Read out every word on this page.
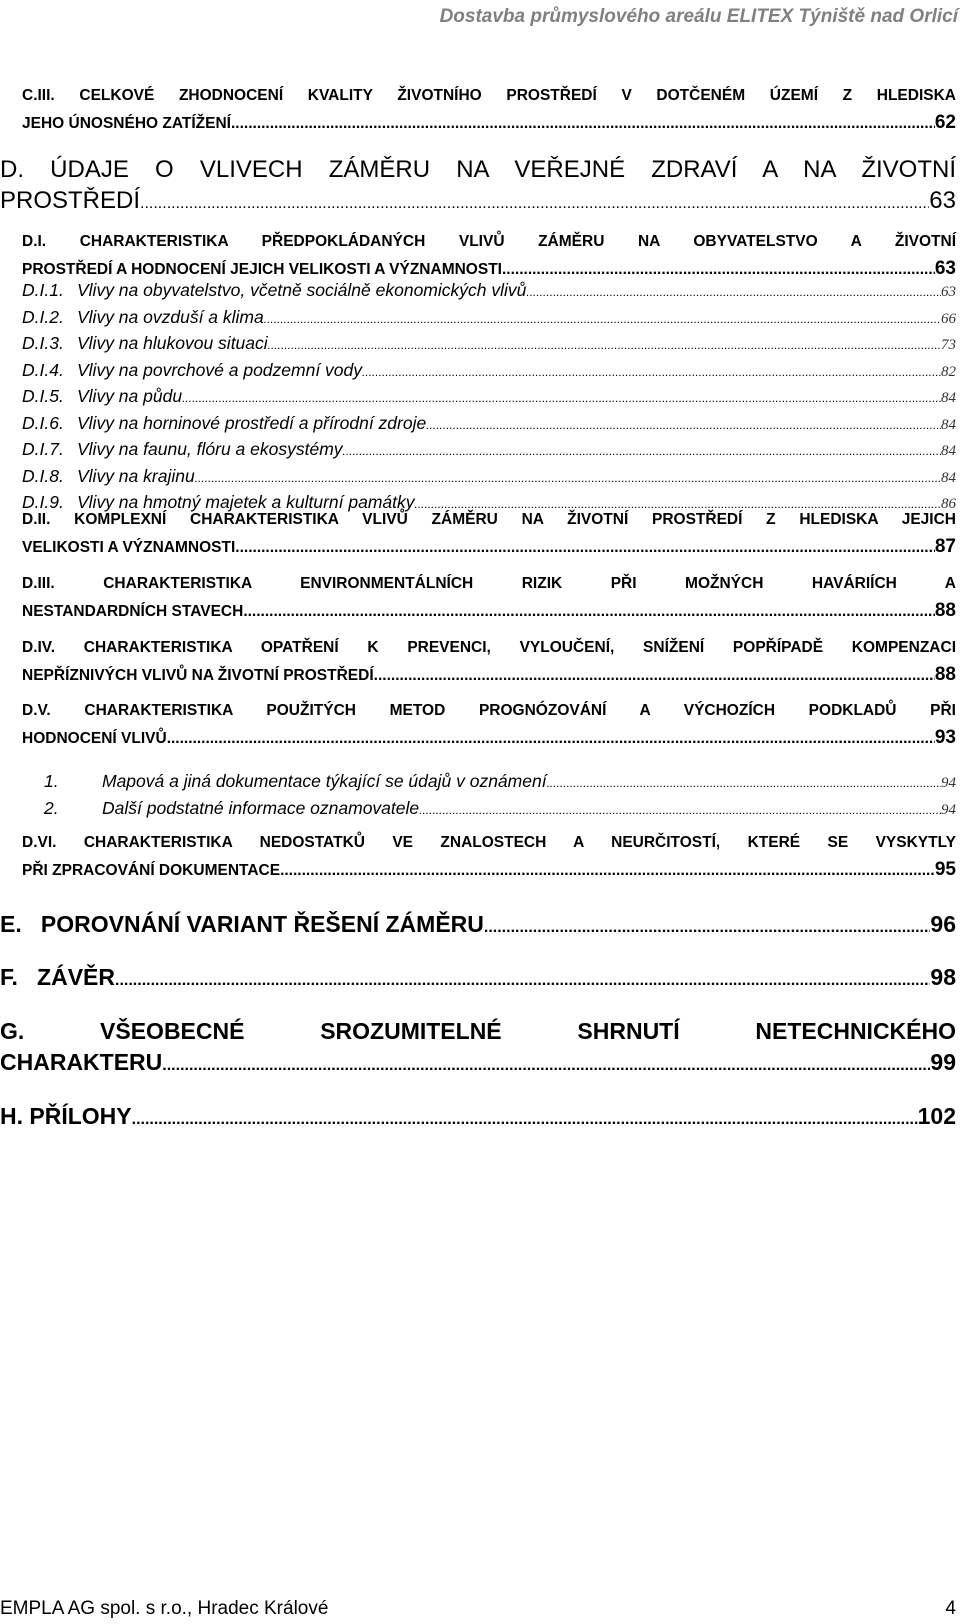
Dostavba průmyslového areálu ELITEX Týniště nad Orlicí
C.III. CELKOVÉ ZHODNOCENÍ KVALITY ŽIVOTNÍHO PROSTŘEDÍ V DOTČENÉM ÚZEMÍ Z HLEDISKA
JEHO ÚNOSNÉHO ZATÍŽENÍ .....	62
D. ÚDAJE O VLIVECH ZÁMĚRU NA VEŘEJNÉ ZDRAVÍ A NA ŽIVOTNÍ
PROSTŘEDÍ .....	63
D.I. CHARAKTERISTIKA PŘEDPOKLÁDANÝCH VLIVŮ ZÁMĚRU NA OBYVATELSTVO A ŽIVOTNÍ
PROSTŘEDÍ A HODNOCENÍ JEJICH VELIKOSTI A VÝZNAMNOSTI .....	63
D.I.1. Vlivy na obyvatelstvo, včetně sociálně ekonomických vlivů .....	63
D.I.2. Vlivy na ovzduší a klima .....	66
D.I.3. Vlivy na hlukovou situaci .....	73
D.I.4. Vlivy na povrchové a podzemní vody .....	82
D.I.5. Vlivy na půdu .....	84
D.I.6. Vlivy na horninové prostředí a přírodní zdroje .....	84
D.I.7. Vlivy na faunu, flóru a ekosystémy .....	84
D.I.8. Vlivy na krajinu .....	84
D.I.9. Vlivy na hmotný majetek a kulturní památky .....	86
D.II. KOMPLEXNÍ CHARAKTERISTIKA VLIVŮ ZÁMĚRU NA ŽIVOTNÍ PROSTŘEDÍ Z HLEDISKA JEJICH
VELIKOSTI A VÝZNAMNOSTI .....	87
D.III. CHARAKTERISTIKA ENVIRONMENTÁLNÍCH RIZIK PŘI MOŽNÝCH HAVÁRIÍCH A
NESTANDARDNÍCH STAVECH .....	88
D.IV. CHARAKTERISTIKA OPATŘENÍ K PREVENCI, VYLOUČENÍ, SNÍŽENÍ POPŘÍPADĚ KOMPENZACI
NEPŘÍZNIVÝCH VLIVŮ NA ŽIVOTNÍ PROSTŘEDÍ .....	88
D.V. CHARAKTERISTIKA POUŽITÝCH METOD PROGNÓZOVÁNÍ A VÝCHOZÍCH PODKLADŮ PŘI
HODNOCENÍ VLIVŮ .....	93
1. Mapová a jiná dokumentace týkající se údajů v oznámení .....	94
2. Další podstatné informace oznamovatele .....	94
D.VI. CHARAKTERISTIKA NEDOSTATKŮ VE ZNALOSTECH A NEURČITOSTÍ, KTERÉ SE VYSKYTLY
PŘI ZPRACOVÁNÍ DOKUMENTACE .....	95
E.   POROVNÁNÍ VARIANT ŘEŠENÍ ZÁMĚRU .....	96
F.   ZÁVĚR .....	98
G. VŠEOBECNÉ SROZUMITELNÉ SHRNUTÍ NETECHNICKÉHO
CHARAKTERU .....	99
H. PŘÍLOHY .....	102
EMPLA AG spol. s r.o., Hradec Králové	4
